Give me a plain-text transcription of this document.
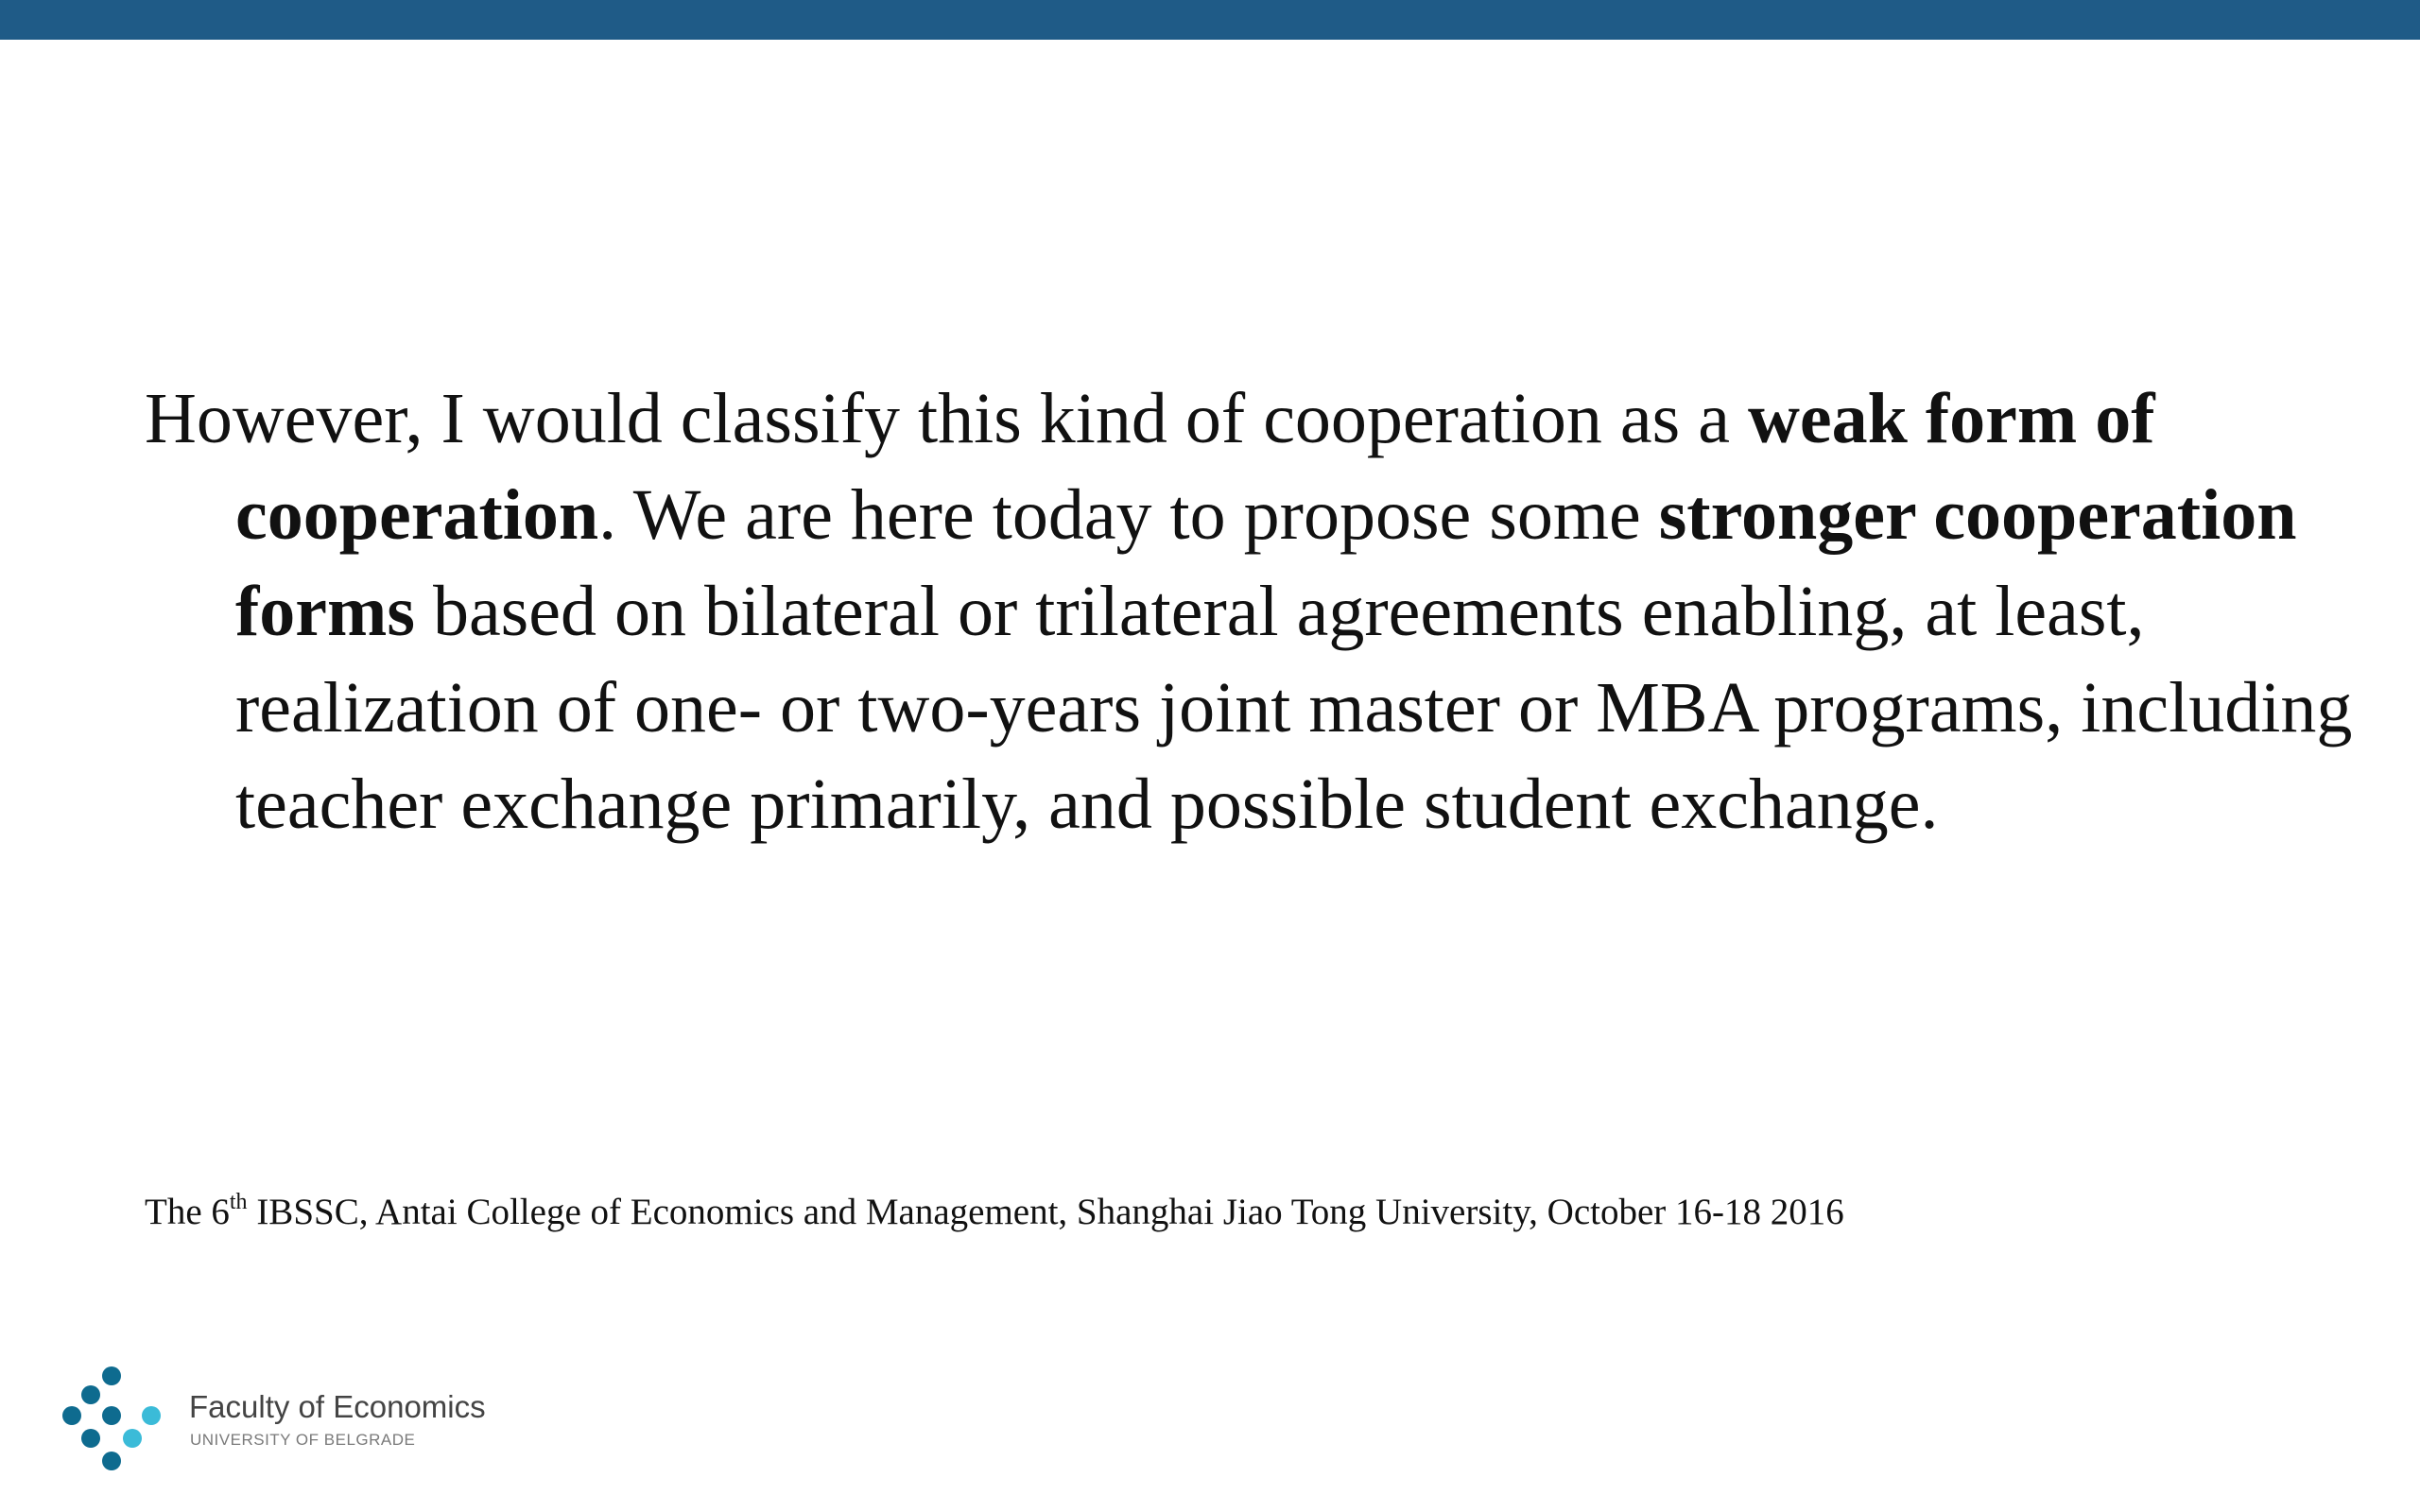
However, I would classify this kind of cooperation as a weak form of cooperation. We are here today to propose some stronger cooperation forms based on bilateral or trilateral agreements enabling, at least, realization of one- or two-years joint master or MBA programs, including teacher exchange primarily, and possible student exchange.

The 6th IBSSC, Antai College of Economics and Management, Shanghai Jiao Tong University, October 16-18 2016
Faculty of Economics
UNIVERSITY OF BELGRADE
